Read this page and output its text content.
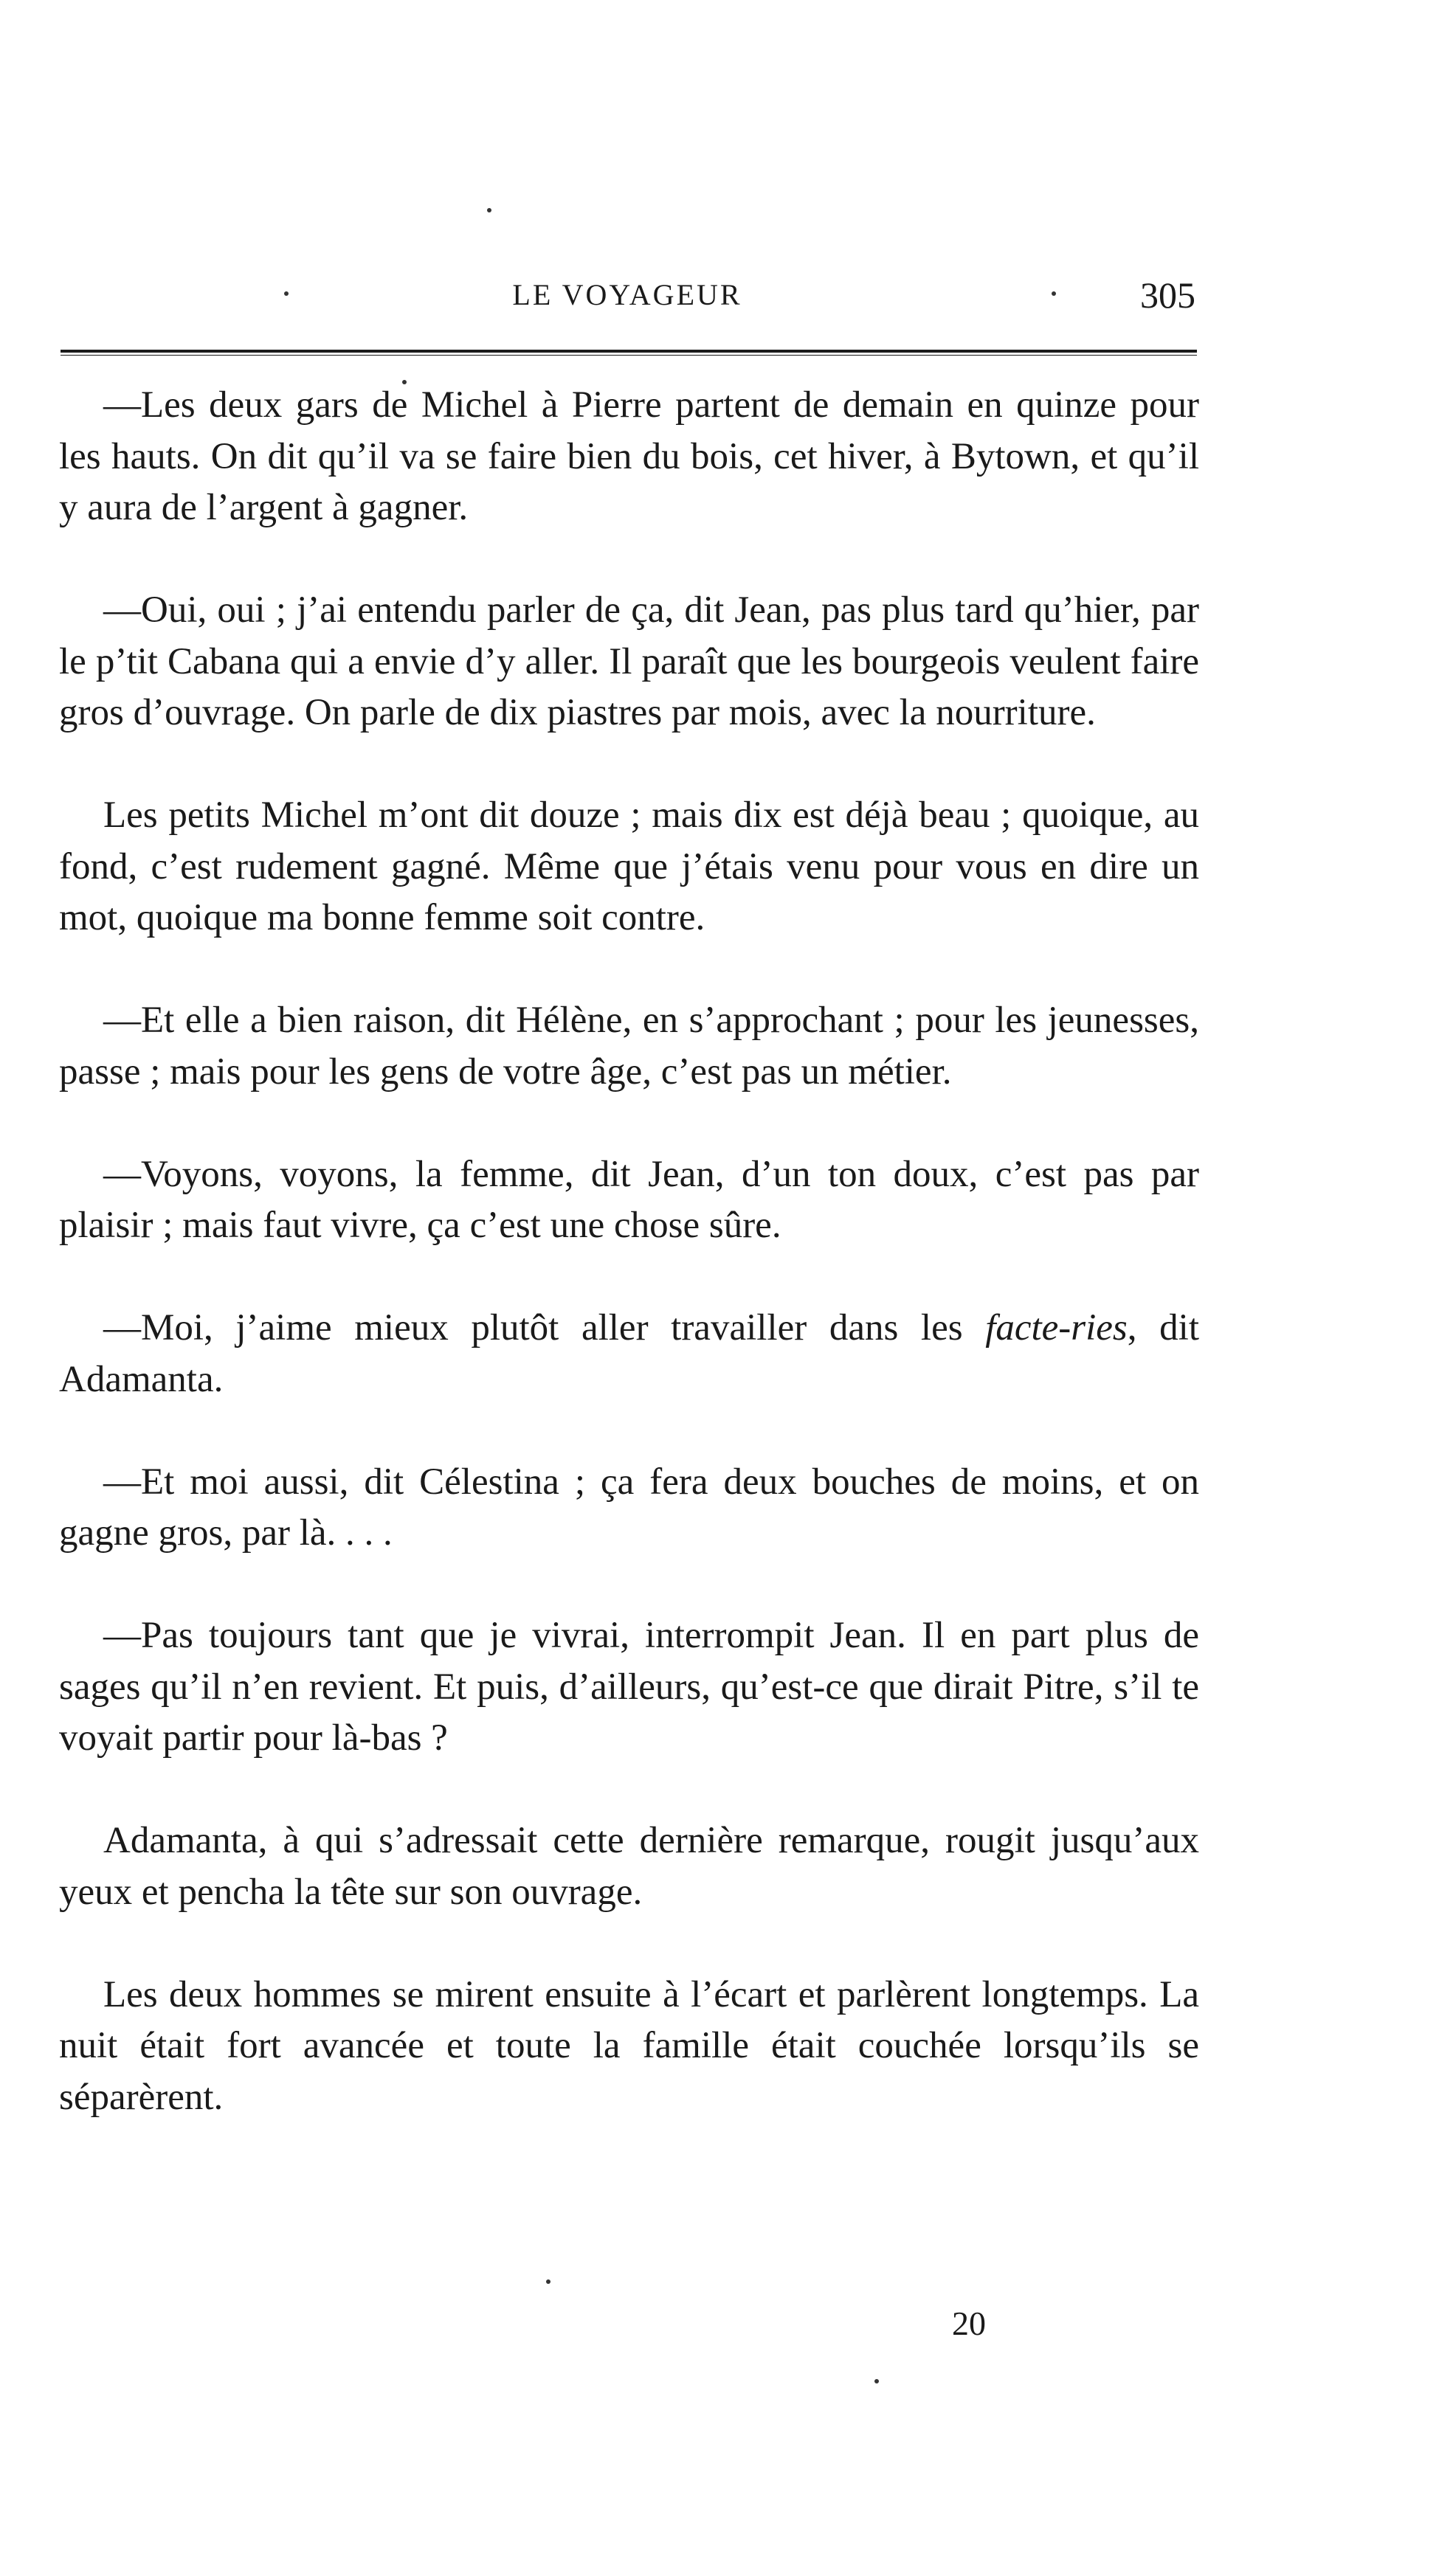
LE VOYAGEUR	305

—Les deux gars de Michel à Pierre partent de demain en quinze pour les hauts. On dit qu’il va se faire bien du bois, cet hiver, à Bytown, et qu’il y aura de l’argent à gagner.

—Oui, oui ; j’ai entendu parler de ça, dit Jean, pas plus tard qu’hier, par le p’tit Cabana qui a envie d’y aller. Il paraît que les bourgeois veulent faire gros d’ouvrage. On parle de dix piastres par mois, avec la nourriture.

Les petits Michel m’ont dit douze ; mais dix est déjà beau ; quoique, au fond, c’est rudement gagné. Même que j’étais venu pour vous en dire un mot, quoique ma bonne femme soit contre.

—Et elle a bien raison, dit Hélène, en s’approchant ; pour les jeunesses, passe ; mais pour les gens de votre âge, c’est pas un métier.

—Voyons, voyons, la femme, dit Jean, d’un ton doux, c’est pas par plaisir ; mais faut vivre, ça c’est une chose sûre.

—Moi, j’aime mieux plutôt aller travailler dans les facte-ries, dit Adamanta.

—Et moi aussi, dit Célestina ; ça fera deux bouches de moins, et on gagne gros, par là. . . .

—Pas toujours tant que je vivrai, interrompit Jean. Il en part plus de sages qu’il n’en revient. Et puis, d’ailleurs, qu’est-ce que dirait Pitre, s’il te voyait partir pour là-bas ?

Adamanta, à qui s’adressait cette dernière remarque, rougit jusqu’aux yeux et pencha la tête sur son ouvrage.

Les deux hommes se mirent ensuite à l’écart et parlèrent longtemps. La nuit était fort avancée et toute la famille était couchée lorsqu’ils se séparèrent.

20
